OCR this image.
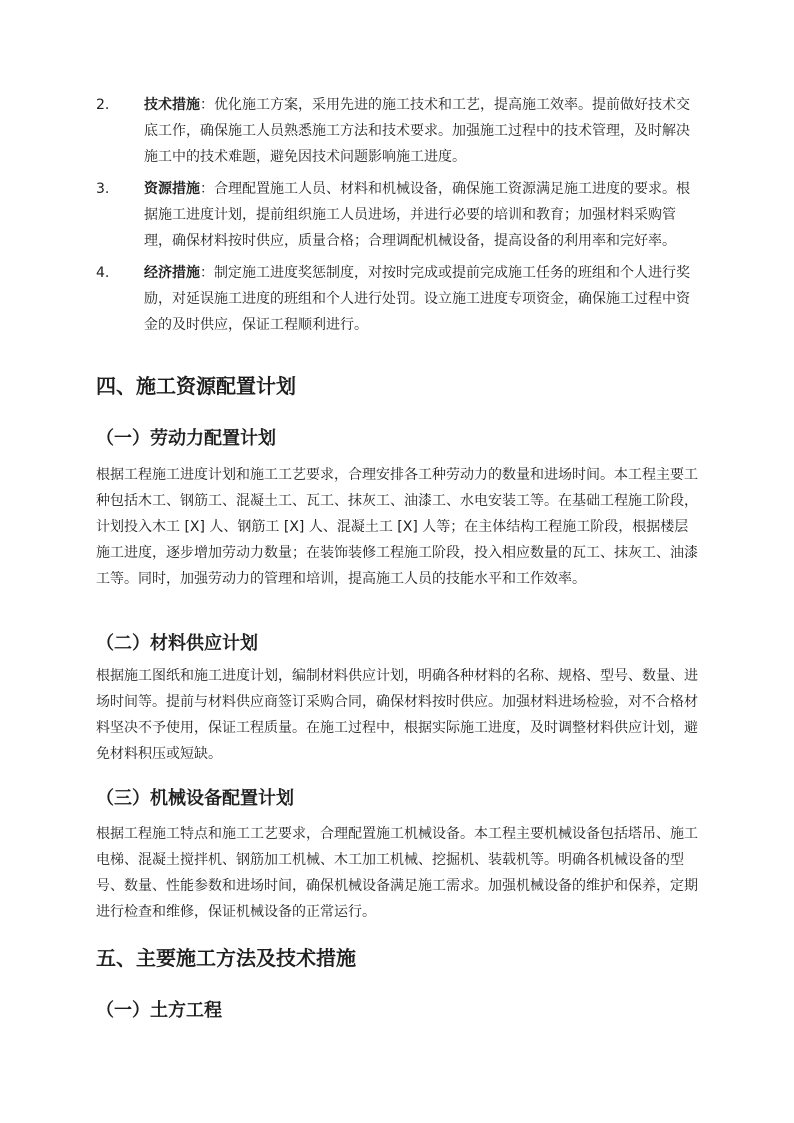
2.	技术措施：优化施工方案，采用先进的施工技术和工艺，提高施工效率。提前做好技术交底工作，确保施工人员熟悉施工方法和技术要求。加强施工过程中的技术管理，及时解决施工中的技术难题，避免因技术问题影响施工进度。
3.	资源措施：合理配置施工人员、材料和机械设备，确保施工资源满足施工进度的要求。根据施工进度计划，提前组织施工人员进场，并进行必要的培训和教育；加强材料采购管理，确保材料按时供应，质量合格；合理调配机械设备，提高设备的利用率和完好率。
4.	经济措施：制定施工进度奖惩制度，对按时完成或提前完成施工任务的班组和个人进行奖励，对延误施工进度的班组和个人进行处罚。设立施工进度专项资金，确保施工过程中资金的及时供应，保证工程顺利进行。
四、施工资源配置计划
（一）劳动力配置计划

根据工程施工进度计划和施工工艺要求，合理安排各工种劳动力的数量和进场时间。本工程主要工种包括木工、钢筋工、混凝土工、瓦工、抹灰工、油漆工、水电安装工等。在基础工程施工阶段，计划投入木工 [X] 人、钢筋工 [X] 人、混凝土工 [X] 人等；在主体结构工程施工阶段，根据楼层施工进度，逐步增加劳动力数量；在装饰装修工程施工阶段，投入相应数量的瓦工、抹灰工、油漆工等。同时，加强劳动力的管理和培训，提高施工人员的技能水平和工作效率。

（二）材料供应计划

根据施工图纸和施工进度计划，编制材料供应计划，明确各种材料的名称、规格、型号、数量、进场时间等。提前与材料供应商签订采购合同，确保材料按时供应。加强材料进场检验，对不合格材料坚决不予使用，保证工程质量。在施工过程中，根据实际施工进度，及时调整材料供应计划，避免材料积压或短缺。

（三）机械设备配置计划

根据工程施工特点和施工工艺要求，合理配置施工机械设备。本工程主要机械设备包括塔吊、施工电梯、混凝土搅拌机、钢筋加工机械、木工加工机械、挖掘机、装载机等。明确各机械设备的型号、数量、性能参数和进场时间，确保机械设备满足施工需求。加强机械设备的维护和保养，定期进行检查和维修，保证机械设备的正常运行。

五、主要施工方法及技术措施
（一）土方工程
